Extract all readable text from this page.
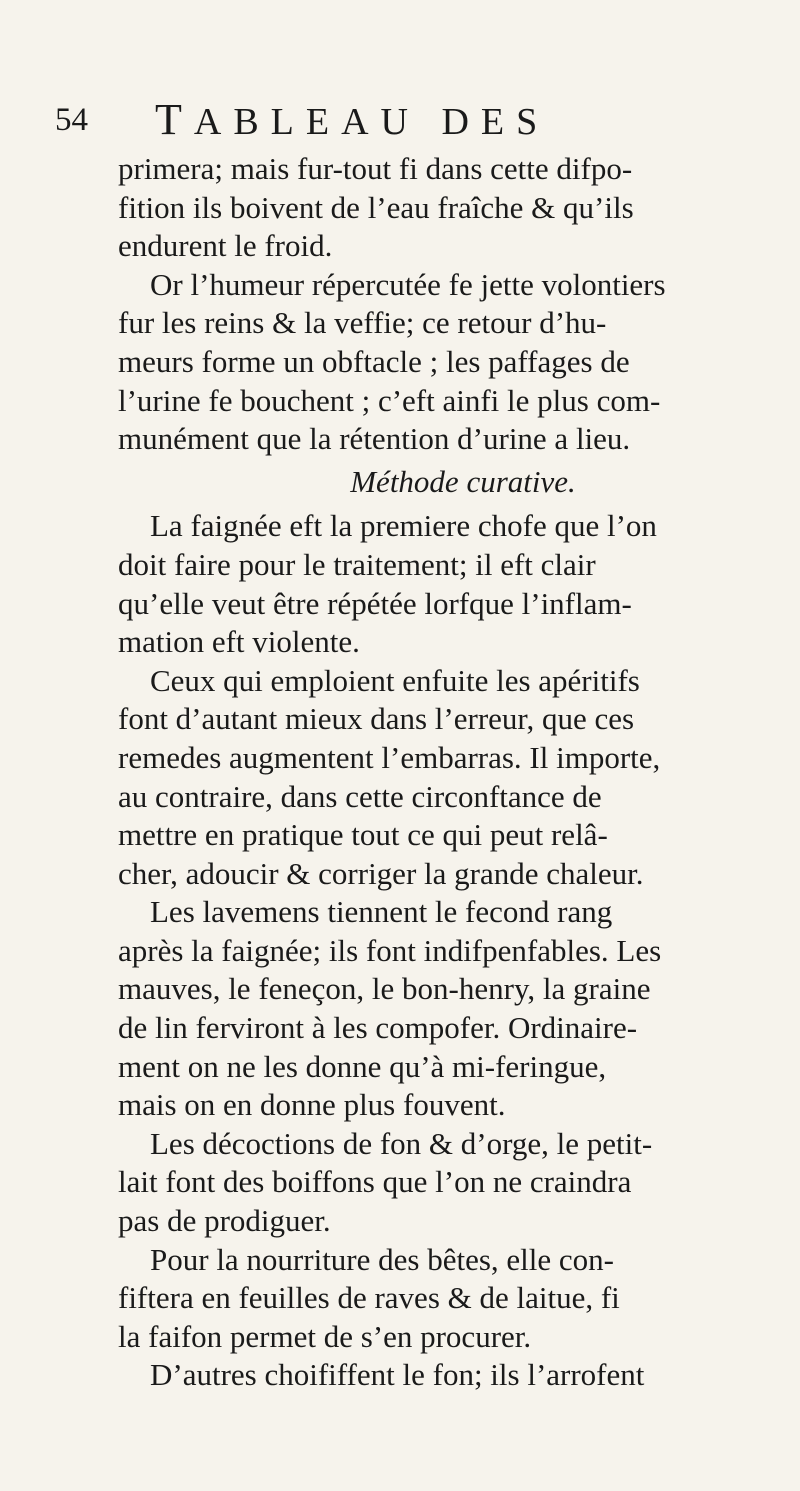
54 TABLEAU DES
primera; mais fur-tout fi dans cette difpo-
fition ils boivent de l’eau fraîche & qu’ils
endurent le froid.
Or l’humeur répercutée fe jette volontiers
fur les reins & la veffie; ce retour d’hu-
meurs forme un obftacle ; les paffages de
l’urine fe bouchent ; c’eft ainfi le plus com-
munément que la rétention d’urine a lieu.
Méthode curative.
La faignée eft la premiere chofe que l’on
doit faire pour le traitement; il eft clair
qu’elle veut être répétée lorfque l’inflam-
mation eft violente.
Ceux qui emploient enfuite les apéritifs
font d’autant mieux dans l’erreur, que ces
remedes augmentent l’embarras. Il importe,
au contraire, dans cette circonftance de
mettre en pratique tout ce qui peut relâ-
cher, adoucir & corriger la grande chaleur.
Les lavemens tiennent le fecond rang
après la faignée; ils font indifpenfables. Les
mauves, le feneçon, le bon-henry, la graine
de lin ferviront à les compofer. Ordinaire-
ment on ne les donne qu’à mi-feringue,
mais on en donne plus fouvent.
Les décoctions de fon & d’orge, le petit-
lait font des boiffons que l’on ne craindra
pas de prodiguer.
Pour la nourriture des bêtes, elle con-
fiftera en feuilles de raves & de laitue, fi
la faifon permet de s’en procurer.
D’autres choififfent le fon; ils l’arrofent
